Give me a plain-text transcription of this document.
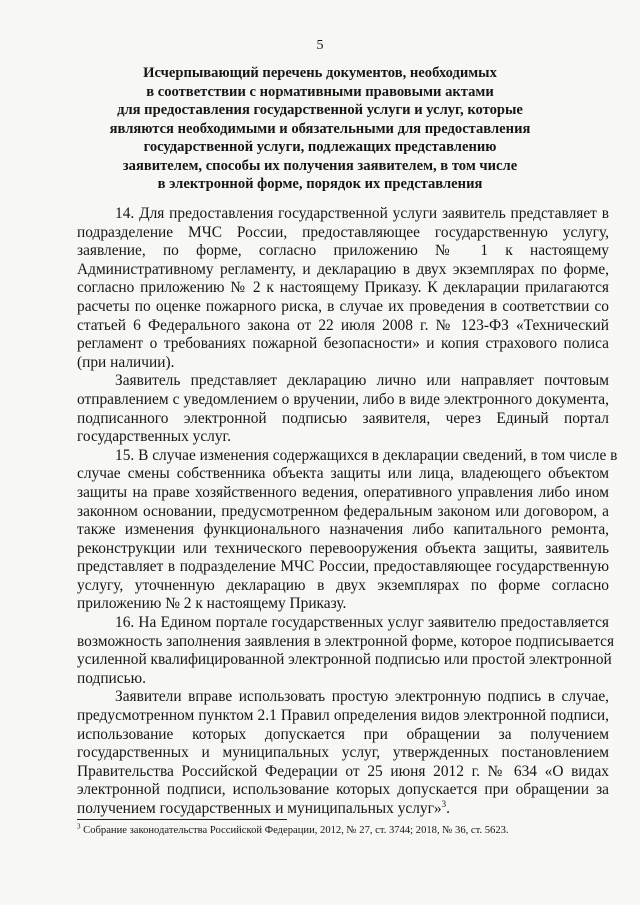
5
Исчерпывающий перечень документов, необходимых
в соответствии с нормативными правовыми актами
для предоставления государственной услуги и услуг, которые
являются необходимыми и обязательными для предоставления
государственной услуги, подлежащих представлению
заявителем, способы их получения заявителем, в том числе
в электронной форме, порядок их представления
14. Для предоставления государственной услуги заявитель представляет в
подразделение МЧС России, предоставляющее государственную услугу,
заявление, по форме, согласно приложению № 1 к настоящему
Административному регламенту, и декларацию в двух экземплярах по форме,
согласно приложению № 2 к настоящему Приказу. К декларации прилагаются
расчеты по оценке пожарного риска, в случае их проведения в соответствии со
статьей 6 Федерального закона от 22 июля 2008 г. № 123-ФЗ «Технический
регламент о требованиях пожарной безопасности» и копия страхового полиса
(при наличии).
Заявитель представляет декларацию лично или направляет почтовым
отправлением с уведомлением о вручении, либо в виде электронного документа,
подписанного электронной подписью заявителя, через Единый портал
государственных услуг.
15. В случае изменения содержащихся в декларации сведений, в том числе в
случае смены собственника объекта защиты или лица, владеющего объектом
защиты на праве хозяйственного ведения, оперативного управления либо ином
законном основании, предусмотренном федеральным законом или договором, а
также изменения функционального назначения либо капитального ремонта,
реконструкции или технического перевооружения объекта защиты, заявитель
представляет в подразделение МЧС России, предоставляющее государственную
услугу, уточненную декларацию в двух экземплярах по форме согласно
приложению № 2 к настоящему Приказу.
16. На Едином портале государственных услуг заявителю предоставляется
возможность заполнения заявления в электронной форме, которое подписывается
усиленной квалифицированной электронной подписью или простой электронной
подписью.
Заявители вправе использовать простую электронную подпись в случае,
предусмотренном пунктом 2.1 Правил определения видов электронной подписи,
использование которых допускается при обращении за получением
государственных и муниципальных услуг, утвержденных постановлением
Правительства Российской Федерации от 25 июня 2012 г. № 634 «О видах
электронной подписи, использование которых допускается при обращении за
получением государственных и муниципальных услуг»$^3$.
$^3$ Собрание законодательства Российской Федерации, 2012, № 27, ст. 3744; 2018, № 36, ст. 5623.
